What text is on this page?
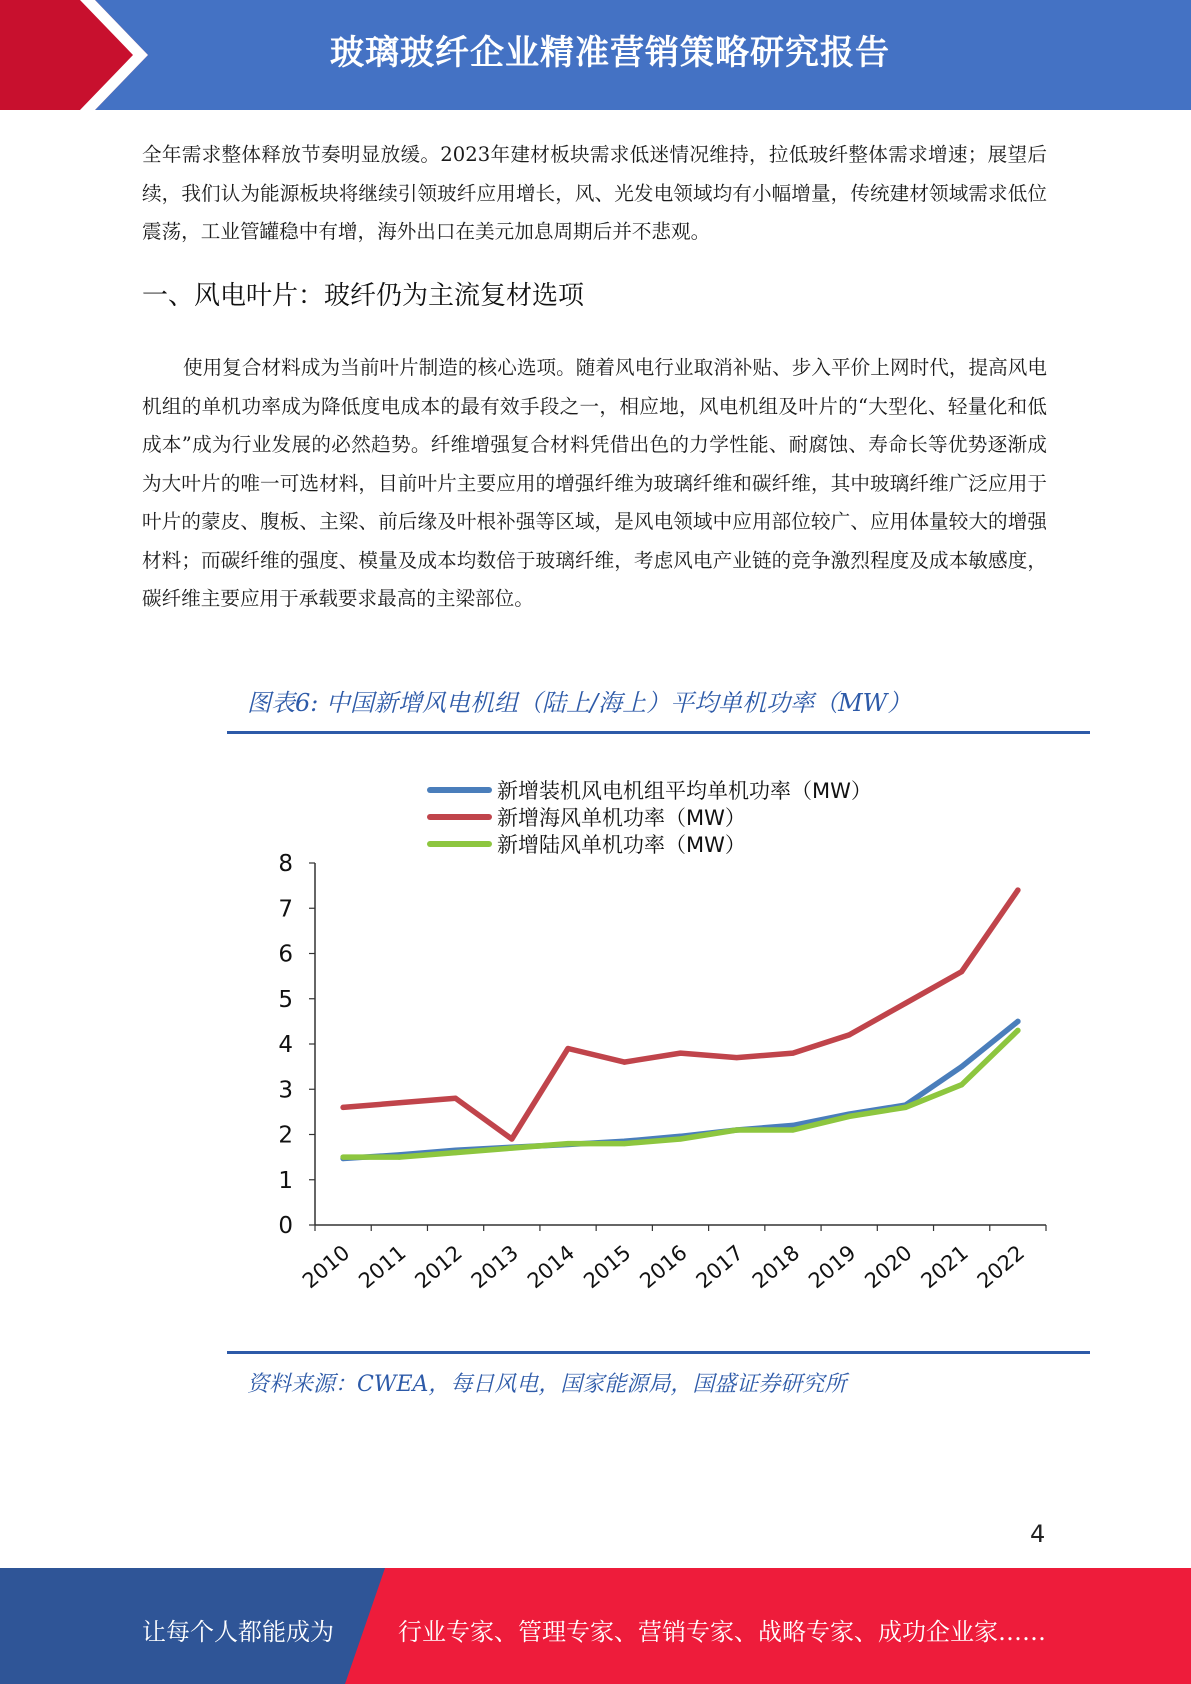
玻璃玻纤企业精准营销策略研究报告

全年需求整体释放节奏明显放缓。2023年建材板块需求低迷情况维持，拉低玻纤整体需求增速；展望后续，我们认为能源板块将继续引领玻纤应用增长，风、光发电领域均有小幅增量，传统建材领域需求低位震荡，工业管罐稳中有增，海外出口在美元加息周期后并不悲观。

一、风电叶片：玻纤仍为主流复材选项

使用复合材料成为当前叶片制造的核心选项。随着风电行业取消补贴、步入平价上网时代，提高风电机组的单机功率成为降低度电成本的最有效手段之一，相应地，风电机组及叶片的“大型化、轻量化和低成本”成为行业发展的必然趋势。纤维增强复合材料凭借出色的力学性能、耐腐蚀、寿命长等优势逐渐成为大叶片的唯一可选材料，目前叶片主要应用的增强纤维为玻璃纤维和碳纤维，其中玻璃纤维广泛应用于叶片的蒙皮、腹板、主梁、前后缘及叶根补强等区域，是风电领域中应用部位较广、应用体量较大的增强材料；而碳纤维的强度、模量及成本均数倍于玻璃纤维，考虑风电产业链的竞争激烈程度及成本敏感度，碳纤维主要应用于承载要求最高的主梁部位。

图表6: 中国新增风电机组（陆上/海上）平均单机功率（MW）
0
1
2
3
4
5
6
7
8
2010 2011 2012 2013 2014 2015 2016 2017 2018 2019 2020 2021 2022
新增装机风电机组平均单机功率（MW）
新增海风单机功率（MW）
新增陆风单机功率（MW）
资料来源：CWEA，每日风电，国家能源局，国盛证券研究所
4
让每个人都能成为	行业专家、管理专家、营销专家、战略专家、成功企业家……
